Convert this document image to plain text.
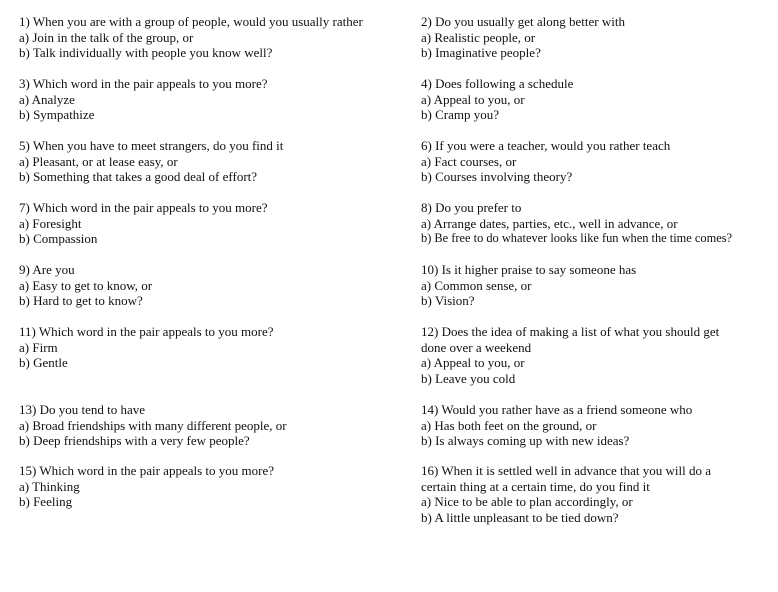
1) When you are with a group of people, would you usually rather
a) Join in the talk of the group, or
b) Talk individually with people you know well?
3) Which word in the pair appeals to you more?
a) Analyze
b) Sympathize
5) When you have to meet strangers, do you find it
a) Pleasant, or at lease easy, or
b) Something that takes a good deal of effort?
7) Which word in the pair appeals to you more?
a) Foresight
b) Compassion
9) Are you
a) Easy to get to know, or
b) Hard to get to know?
11) Which word in the pair appeals to you more?
a) Firm
b) Gentle
13) Do you tend to have
a) Broad friendships with many different people, or
b) Deep friendships with a very few people?
15) Which word in the pair appeals to you more?
a) Thinking
b) Feeling
2) Do you usually get along better with
a) Realistic people, or
b) Imaginative people?
4) Does following a schedule
a) Appeal to you, or
b) Cramp you?
6) If you were a teacher, would you rather teach
a) Fact courses, or
b) Courses involving theory?
8) Do you prefer to
a) Arrange dates, parties, etc., well in advance, or
b) Be free to do whatever looks like fun when the time comes?
10) Is it higher praise to say someone has
a) Common sense, or
b) Vision?
12) Does the idea of making a list of what you should get
done over a weekend
a) Appeal to you, or
b) Leave you cold
14) Would you rather have as a friend someone who
a) Has both feet on the ground, or
b) Is always coming up with new ideas?
16) When it is settled well in advance that you will do a
certain thing at a certain time, do you find it
a) Nice to be able to plan accordingly, or
b) A little unpleasant to be tied down?
